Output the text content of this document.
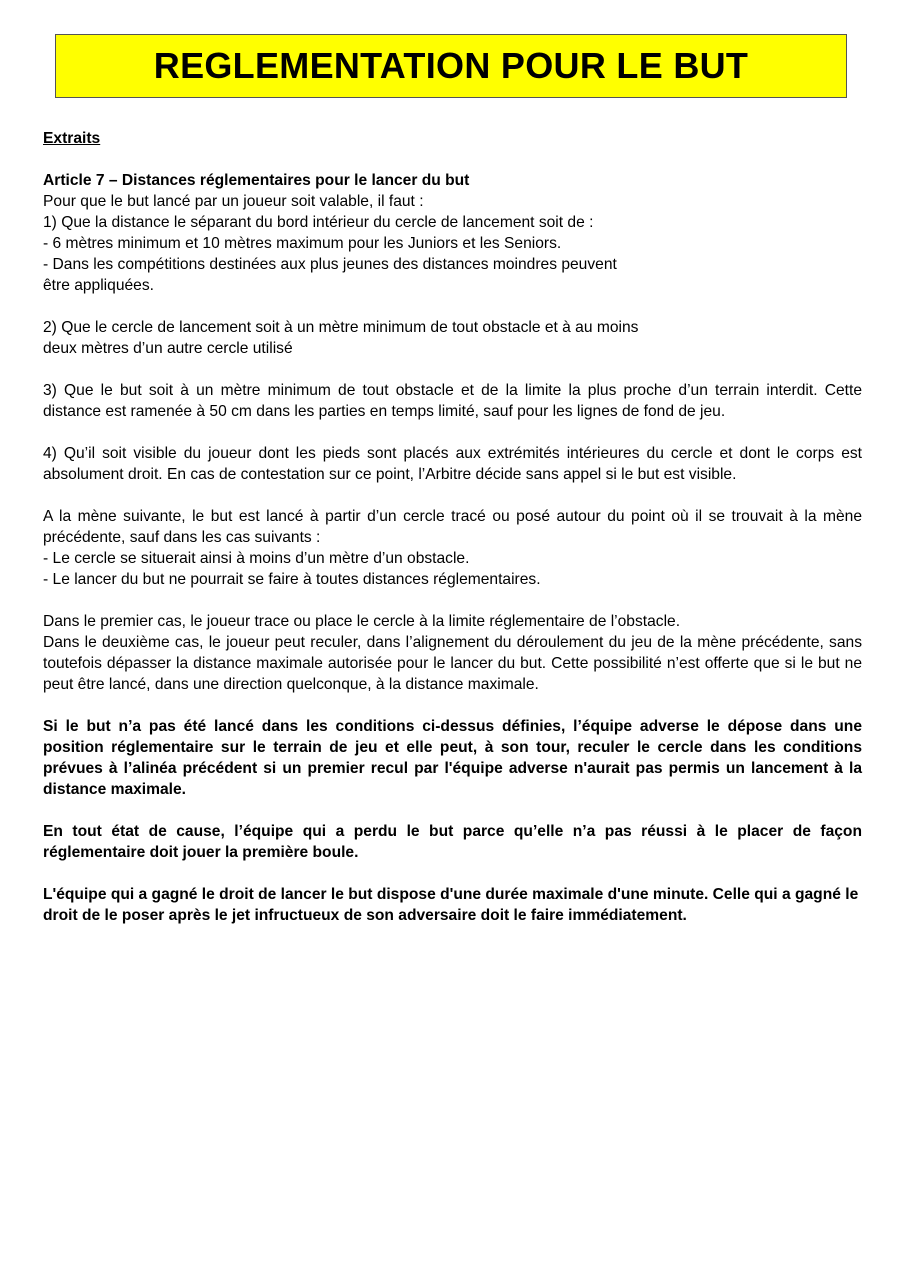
REGLEMENTATION POUR LE BUT

Extraits

Article 7 – Distances réglementaires pour le lancer du but

Pour que le but lancé par un joueur soit valable, il faut :

1) Que la distance le séparant du bord intérieur du cercle de lancement soit de :

- 6 mètres minimum et 10 mètres maximum pour les Juniors et les Seniors.

- Dans les compétitions destinées aux plus jeunes des distances moindres peuvent

être appliquées.

2) Que le cercle de lancement soit à un mètre minimum de tout obstacle et à au moins

deux mètres d’un autre cercle utilisé

3) Que le but soit à un mètre minimum de tout obstacle et de la limite la plus proche d’un terrain interdit. Cette distance est ramenée à 50 cm dans les parties en temps limité, sauf pour les lignes de fond de jeu.

4) Qu’il soit visible du joueur dont les pieds sont placés aux extrémités intérieures du cercle et dont le corps est absolument droit. En cas de contestation sur ce point, l’Arbitre décide sans appel si le but est visible.

A la mène suivante, le but est lancé à partir d’un cercle tracé ou posé autour du point où il se trouvait à la mène précédente, sauf dans les cas suivants :

- Le cercle se situerait ainsi à moins d’un mètre d’un obstacle.

- Le lancer du but ne pourrait se faire à toutes distances réglementaires.

Dans le premier cas, le joueur trace ou place le cercle à la limite réglementaire de l’obstacle.

Dans le deuxième cas, le joueur peut reculer, dans l’alignement du déroulement du jeu de la mène précédente, sans toutefois dépasser la distance maximale autorisée pour le lancer du but. Cette possibilité n’est offerte que si le but ne peut être lancé, dans une direction quelconque, à la distance maximale.

Si le but n’a pas été lancé dans les conditions ci-dessus définies, l’équipe adverse le dépose dans une position réglementaire sur le terrain de jeu et elle peut, à son tour, reculer le cercle dans les conditions prévues à l’alinéa précédent si un premier recul par l'équipe adverse n'aurait pas permis un lancement à la distance maximale.

En tout état de cause, l’équipe qui a perdu le but parce qu’elle n’a pas réussi à le placer de façon réglementaire doit jouer la première boule.

L'équipe qui a gagné le droit de lancer le but dispose d'une durée maximale d'une minute. Celle qui a gagné le droit de le poser après le jet infructueux de son adversaire doit le faire immédiatement.
